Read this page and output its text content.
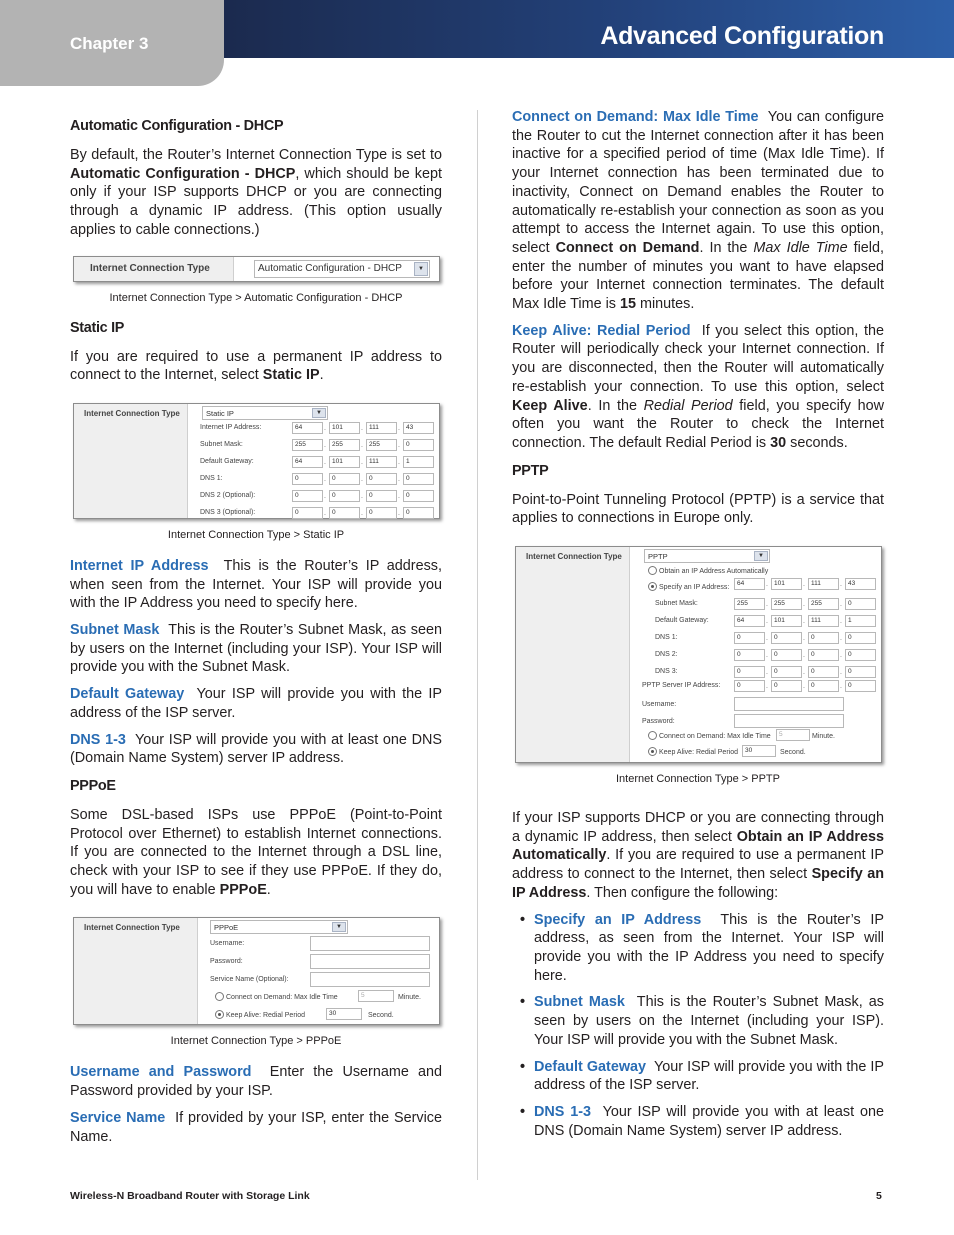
Chapter 3	Advanced Configuration
Automatic Configuration - DHCP

By default, the Router’s Internet Connection Type is set to Automatic Configuration - DHCP, which should be kept only if your ISP supports DHCP or you are connecting through a dynamic IP address. (This option usually applies to cable connections.)

Internet Connection Type	Automatic Configuration - DHCP	▼
Internet Connection Type > Automatic Configuration - DHCP
Static IP

If you are required to use a permanent IP address to connect to the Internet, select Static IP.

Internet Connection Type	Static IP	▼
Internet IP Address:	64	. 101	. 111	. 43
Subnet Mask:	255	. 255	. 255	. 0
Default Gateway:	64	. 101	. 111	. 1
DNS 1:	0	. 0	. 0	. 0
DNS 2 (Optional):	0	. 0	. 0	. 0
DNS 3 (Optional):	0	. 0	. 0	. 0
Internet Connection Type > Static IP

Internet IP Address This is the Router’s IP address, when seen from the Internet. Your ISP will provide you with the IP Address you need to specify here.

Subnet Mask This is the Router’s Subnet Mask, as seen by users on the Internet (including your ISP). Your ISP will provide you with the Subnet Mask.

Default Gateway Your ISP will provide you with the IP address of the ISP server.

DNS 1-3 Your ISP will provide you with at least one DNS (Domain Name System) server IP address.

PPPoE

Some DSL-based ISPs use PPPoE (Point-to-Point Protocol over Ethernet) to establish Internet connections. If you are connected to the Internet through a DSL line, check with your ISP to see if they use PPPoE. If they do, you will have to enable PPPoE.

Internet Connection Type	PPPoE	▼
Username:
Password:
Service Name (Optional):
Connect on Demand: Max Idle Time	5	Minute.
Keep Alive: Redial Period	30	Second.
Internet Connection Type > PPPoE

Username and Password Enter the Username and Password provided by your ISP.

Service Name If provided by your ISP, enter the Service Name.

Connect on Demand: Max Idle Time You can configure the Router to cut the Internet connection after it has been inactive for a specified period of time (Max Idle Time). If your Internet connection has been terminated due to inactivity, Connect on Demand enables the Router to automatically re-establish your connection as soon as you attempt to access the Internet again. To use this option, select Connect on Demand. In the Max Idle Time field, enter the number of minutes you want to have elapsed before your Internet connection terminates. The default Max Idle Time is 15 minutes.

Keep Alive: Redial Period If you select this option, the Router will periodically check your Internet connection. If you are disconnected, then the Router will automatically re-establish your connection. To use this option, select Keep Alive. In the Redial Period field, you specify how often you want the Router to check the Internet connection. The default Redial Period is 30 seconds.

PPTP

Point-to-Point Tunneling Protocol (PPTP) is a service that applies to connections in Europe only.

Internet Connection Type	PPTP	▼
Obtain an IP Address Automatically
Specify an IP Address:
64	. 101	. 111	. 43
Subnet Mask:	255	. 255	. 255	. 0
Default Gateway:	64	. 101	. 111	. 1
DNS 1:	0	. 0	. 0	. 0
DNS 2:	0	. 0	. 0	. 0
DNS 3:	0	. 0	. 0	. 0
PPTP Server IP Address:	0	. 0	. 0	. 0
Username:
Password:
Connect on Demand: Max Idle Time	5	Minute.
Keep Alive: Redial Period	30	Second.
Internet Connection Type > PPTP

If your ISP supports DHCP or you are connecting through a dynamic IP address, then select Obtain an IP Address Automatically. If you are required to use a permanent IP address to connect to the Internet, then select Specify an IP Address. Then configure the following:

• Specify an IP Address This is the Router’s IP address, as seen from the Internet. Your ISP will provide you with the IP Address you need to specify here.
• Subnet Mask This is the Router’s Subnet Mask, as seen by users on the Internet (including your ISP). Your ISP will provide you with the Subnet Mask.
• Default Gateway Your ISP will provide you with the IP address of the ISP server.
• DNS 1-3 Your ISP will provide you with at least one DNS (Domain Name System) server IP address.
Wireless-N Broadband Router with Storage Link	5
